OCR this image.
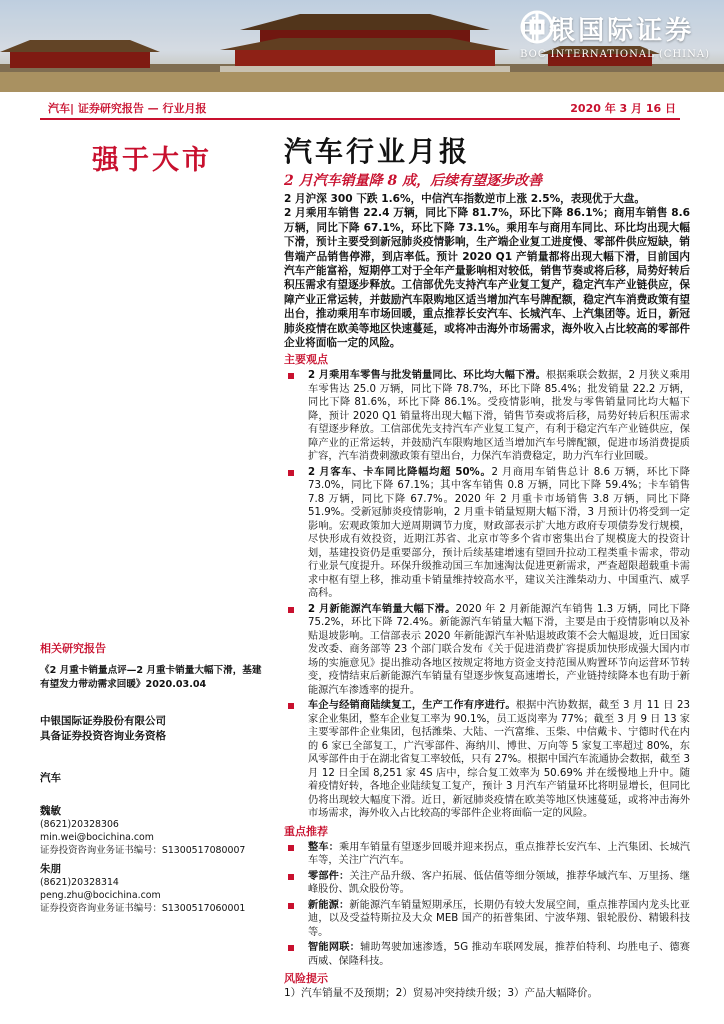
中银国际证券
BOC INTERNATIONAL (CHINA)
汽车| 证券研究报告 — 行业月报	2020 年 3 月 16 日
强于大市	汽车行业月报
2 月汽车销量降 8 成，后续有望逐步改善

2 月沪深 300 下跌 1.6%，中信汽车指数逆市上涨 2.5%，表现优于大盘。

2 月乘用车销售 22.4 万辆，同比下降 81.7%，环比下降 86.1%；商用车销售 8.6 万辆，同比下降 67.1%，环比下降 73.1%。乘用车与商用车同比、环比均出现大幅下滑，预计主要受到新冠肺炎疫情影响，生产端企业复工进度慢、零部件供应短缺，销售端产品销售停滞，到店率低。预计 2020 Q1 产销量都将出现大幅下滑，目前国内汽车产能富裕，短期停工对于全年产量影响相对较低，销售节奏或将后移，局势好转后积压需求有望逐步释放。工信部优先支持汽车产业复工复产，稳定汽车产业链供应，保障产业正常运转，并鼓励汽车限购地区适当增加汽车号牌配额，稳定汽车消费政策有望出台，推动乘用车市场回暖，重点推荐长安汽车、长城汽车、上汽集团等。近日，新冠肺炎疫情在欧美等地区快速蔓延，或将冲击海外市场需求，海外收入占比较高的零部件企业将面临一定的风险。

主要观点
2 月乘用车零售与批发销量同比、环比均大幅下滑。根据乘联会数据，2 月狭义乘用车零售达 25.0 万辆，同比下降 78.7%，环比下降 85.4%；批发销量 22.2 万辆，同比下降 81.6%，环比下降 86.1%。受疫情影响，批发与零售销量同比均大幅下降，预计 2020 Q1 销量将出现大幅下滑，销售节奏或将后移，局势好转后积压需求有望逐步释放。工信部优先支持汽车产业复工复产，有利于稳定汽车产业链供应，保障产业的正常运转，并鼓励汽车限购地区适当增加汽车号牌配额，促进市场消费提质扩容，汽车消费刺激政策有望出台，力保汽车消费稳定，助力汽车行业回暖。
2 月客车、卡车同比降幅均超 50%。2 月商用车销售总计 8.6 万辆，环比下降 73.0%，同比下降 67.1%；其中客车销售 0.8 万辆，同比下降 59.4%；卡车销售 7.8 万辆，同比下降 67.7%。2020 年 2 月重卡市场销售 3.8 万辆，同比下降 51.9%。受新冠肺炎疫情影响，2 月重卡销量短期大幅下滑，3 月预计仍将受到一定影响。宏观政策加大逆周期调节力度，财政部表示扩大地方政府专项债券发行规模，尽快形成有效投资，近期江苏省、北京市等多个省市密集出台了规模庞大的投资计划，基建投资仍是重要部分，预计后续基建增速有望回升拉动工程类重卡需求，带动行业景气度提升。环保升级推动国三车加速淘汰促进更新需求，严查超限超载重卡需求中枢有望上移，推动重卡销量维持较高水平，建议关注潍柴动力、中国重汽、威孚高科。
2 月新能源汽车销量大幅下滑。2020 年 2 月新能源汽车销售 1.3 万辆，同比下降 75.2%，环比下降 72.4%。新能源汽车销量大幅下滑，主要是由于疫情影响以及补贴退坡影响。工信部表示 2020 年新能源汽车补贴退坡政策不会大幅退坡，近日国家发改委、商务部等 23 个部门联合发布《关于促进消费扩容提质加快形成强大国内市场的实施意见》提出推动各地区按规定将地方资金支持范围从购置环节向运营环节转变，疫情结束后新能源汽车销量有望逐步恢复高速增长，产业链持续降本也有助于新能源汽车渗透率的提升。
车企与经销商陆续复工，生产工作有序进行。根据中汽协数据，截至 3 月 11 日 23 家企业集团，整车企业复工率为 90.1%，员工返岗率为 77%；截至 3 月 9 日 13 家主要零部件企业集团，包括潍柴、大陆、一汽富维、玉柴、中信戴卡、宁德时代在内的 6 家已全部复工，广汽零部件、海纳川、博世、万向等 5 家复工率超过 80%，东风零部件由于在湖北省复工率较低，只有 27%。根据中国汽车流通协会数据，截至 3 月 12 日全国 8,251 家 4S 店中，综合复工效率为 50.69% 并在缓慢地上升中。随着疫情好转，各地企业陆续复工复产，预计 3 月汽车产销量环比将明显增长，但同比仍将出现较大幅度下滑。近日，新冠肺炎疫情在欧美等地区快速蔓延，或将冲击海外市场需求，海外收入占比较高的零部件企业将面临一定的风险。
重点推荐
整车：乘用车销量有望逐步回暖并迎来拐点，重点推荐长安汽车、上汽集团、长城汽车等，关注广汽汽车。
零部件：关注产品升级、客户拓展、低估值等细分领域，推荐华域汽车、万里扬、继峰股份、凯众股份等。
新能源：新能源汽车销量短期承压，长期仍有较大发展空间，重点推荐国内龙头比亚迪，以及受益特斯拉及大众 MEB 国产的拓普集团、宁波华翔、银轮股份、精锻科技等。
智能网联：辅助驾驶加速渗透，5G 推动车联网发展，推荐伯特利、均胜电子、德赛西威、保隆科技。
风险提示
1）汽车销量不及预期；2）贸易冲突持续升级；3）产品大幅降价。
相关研究报告
《2 月重卡销量点评—2 月重卡销量大幅下滑，基建有望发力带动需求回暖》2020.03.04
中银国际证券股份有限公司
具备证券投资咨询业务资格
汽车
魏敏
(8621)20328306
min.wei@bocichina.com
证券投资咨询业务证书编号：S1300517080007
朱朋
(8621)20328314
peng.zhu@bocichina.com
证券投资咨询业务证书编号：S1300517060001
